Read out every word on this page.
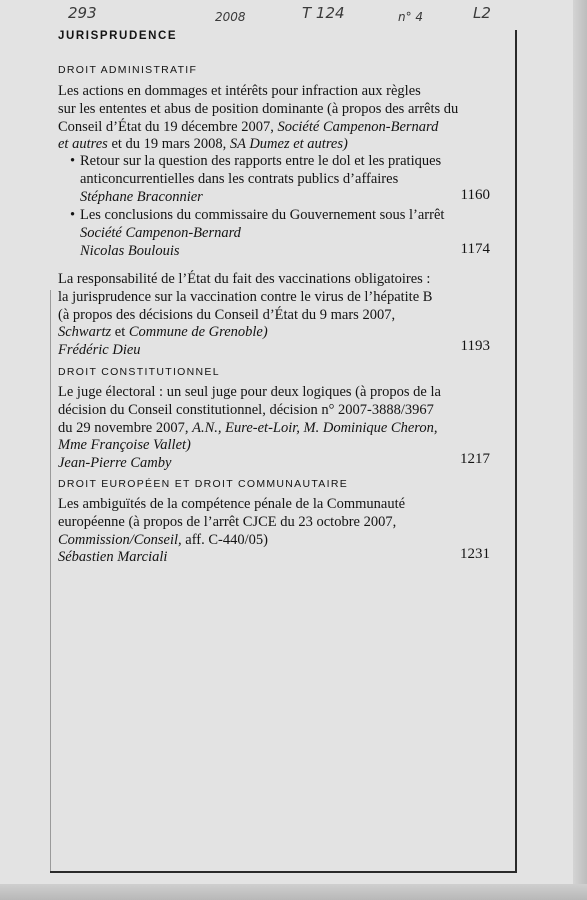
293	2008	T 124	n° 4	L2
JURISPRUDENCE
DROIT ADMINISTRATIF
Les actions en dommages et intérêts pour infraction aux règles
sur les ententes et abus de position dominante (à propos des arrêts du
Conseil d’État du 19 décembre 2007, Société Campenon-Bernard
et autres et du 19 mars 2008, SA Dumez et autres)
• Retour sur la question des rapports entre le dol et les pratiques
anticoncurrentielles dans les contrats publics d’affaires
Stéphane Braconnier	1160
• Les conclusions du commissaire du Gouvernement sous l’arrêt
Société Campenon-Bernard
Nicolas Boulouis	1174
La responsabilité de l’État du fait des vaccinations obligatoires :
la jurisprudence sur la vaccination contre le virus de l’hépatite B
(à propos des décisions du Conseil d’État du 9 mars 2007,
Schwartz et Commune de Grenoble)
Frédéric Dieu	1193
DROIT CONSTITUTIONNEL
Le juge électoral : un seul juge pour deux logiques (à propos de la
décision du Conseil constitutionnel, décision n° 2007-3888/3967
du 29 novembre 2007, A.N., Eure-et-Loir, M. Dominique Cheron,
Mme Françoise Vallet)
Jean-Pierre Camby	1217
DROIT EUROPÉEN ET DROIT COMMUNAUTAIRE
Les ambiguïtés de la compétence pénale de la Communauté
européenne (à propos de l’arrêt CJCE du 23 octobre 2007,
Commission/Conseil, aff. C-440/05)
Sébastien Marciali	1231
